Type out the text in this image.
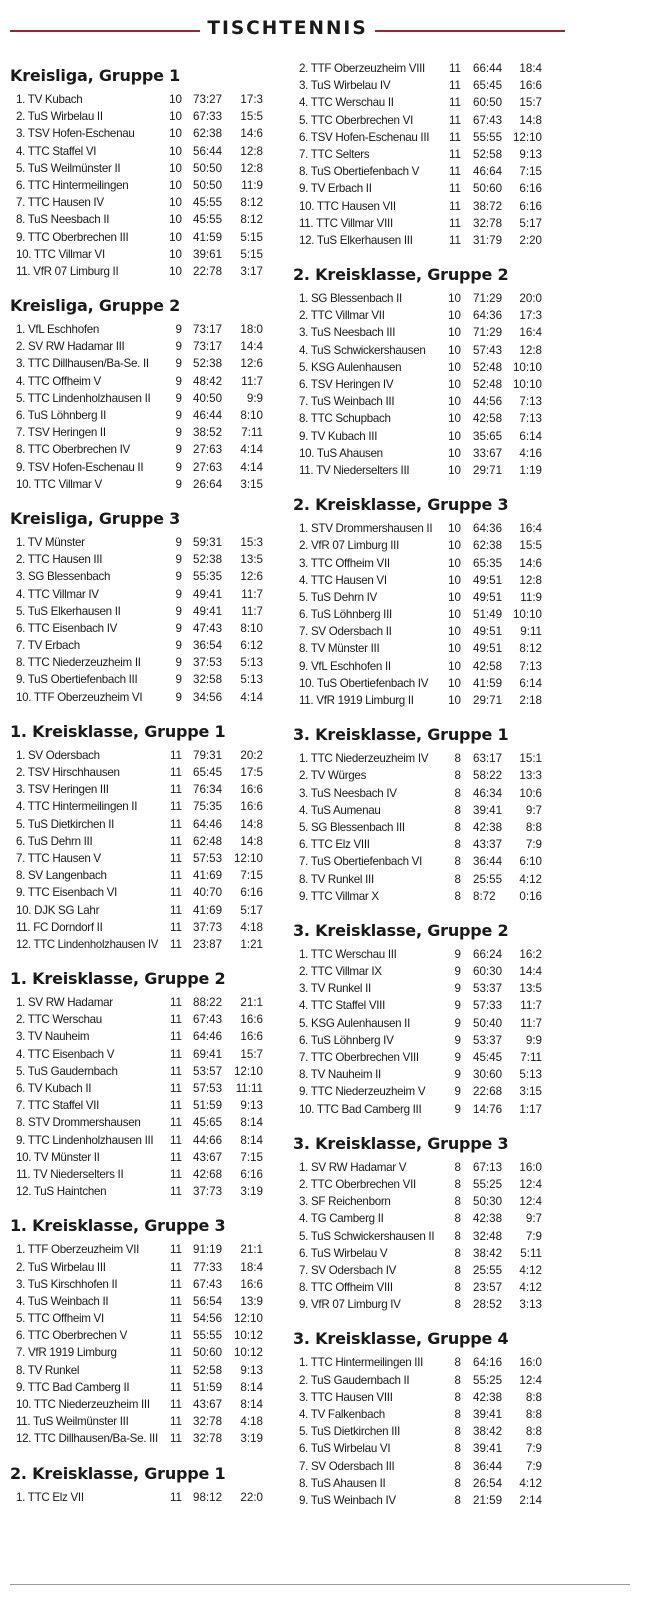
TISCHTENNIS
Kreisliga, Gruppe 1
1. TV Kubach	10 73:27	17:3
2. TuS Wirbelau II	10 67:33	15:5
3. TSV Hofen-Eschenau	10 62:38	14:6
4. TTC Staffel VI	10 56:44	12:8
5. TuS Weilmünster II	10 50:50	12:8
6. TTC Hintermeilingen	10 50:50	11:9
7. TTC Hausen IV	10 45:55	8:12
8. TuS Neesbach II	10 45:55	8:12
9. TTC Oberbrechen III	10 41:59	5:15
10. TTC Villmar VI	10 39:61	5:15
11. VfR 07 Limburg II	10 22:78	3:17
Kreisliga, Gruppe 2
1. VfL Eschhofen	9 73:17	18:0
2. SV RW Hadamar III	9 73:17	14:4
3. TTC Dillhausen/Ba-Se. II	9 52:38	12:6
4. TTC Offheim V	9 48:42	11:7
5. TTC Lindenholzhausen II	9 40:50	9:9
6. TuS Löhnberg II	9 46:44	8:10
7. TSV Heringen II	9 38:52	7:11
8. TTC Oberbrechen IV	9 27:63	4:14
9. TSV Hofen-Eschenau II	9 27:63	4:14
10. TTC Villmar V	9 26:64	3:15
Kreisliga, Gruppe 3
1. TV Münster	9 59:31	15:3
2. TTC Hausen III	9 52:38	13:5
3. SG Blessenbach	9 55:35	12:6
4. TTC Villmar IV	9 49:41	11:7
5. TuS Elkerhausen II	9 49:41	11:7
6. TTC Eisenbach IV	9 47:43	8:10
7. TV Erbach	9 36:54	6:12
8. TTC Niederzeuzheim II	9 37:53	5:13
9. TuS Obertiefenbach III	9 32:58	5:13
10. TTF Oberzeuzheim VI	9 34:56	4:14
1. Kreisklasse, Gruppe 1
1. SV Odersbach	11 79:31	20:2
2. TSV Hirschhausen	11 65:45	17:5
3. TSV Heringen III	11 76:34	16:6
4. TTC Hintermeilingen II	11 75:35	16:6
5. TuS Dietkirchen II	11 64:46	14:8
6. TuS Dehrn III	11 62:48	14:8
7. TTC Hausen V	11 57:53	12:10
8. SV Langenbach	11 41:69	7:15
9. TTC Eisenbach VI	11 40:70	6:16
10. DJK SG Lahr	11 41:69	5:17
11. FC Dorndorf II	11 37:73	4:18
12. TTC Lindenholzhausen IV	11 23:87	1:21
1. Kreisklasse, Gruppe 2
1. SV RW Hadamar	11 88:22	21:1
2. TTC Werschau	11 67:43	16:6
3. TV Nauheim	11 64:46	16:6
4. TTC Eisenbach V	11 69:41	15:7
5. TuS Gaudernbach	11 53:57	12:10
6. TV Kubach II	11 57:53	11:11
7. TTC Staffel VII	11 51:59	9:13
8. STV Drommershausen	11 45:65	8:14
9. TTC Lindenholzhausen III	11 44:66	8:14
10. TV Münster II	11 43:67	7:15
11. TV Niederselters II	11 42:68	6:16
12. TuS Haintchen	11 37:73	3:19
1. Kreisklasse, Gruppe 3
1. TTF Oberzeuzheim VII	11 91:19	21:1
2. TuS Wirbelau III	11 77:33	18:4
3. TuS Kirschhofen II	11 67:43	16:6
4. TuS Weinbach II	11 56:54	13:9
5. TTC Offheim VI	11 54:56	12:10
6. TTC Oberbrechen V	11 55:55	10:12
7. VfR 1919 Limburg	11 50:60	10:12
8. TV Runkel	11 52:58	9:13
9. TTC Bad Camberg II	11 51:59	8:14
10. TTC Niederzeuzheim III	11 43:67	8:14
11. TuS Weilmünster III	11 32:78	4:18
12. TTC Dillhausen/Ba-Se. III	11 32:78	3:19
2. Kreisklasse, Gruppe 1
1. TTC Elz VII	11 98:12	22:0
2. TTF Oberzeuzheim VIII	11 66:44	18:4
3. TuS Wirbelau IV	11 65:45	16:6
4. TTC Werschau II	11 60:50	15:7
5. TTC Oberbrechen VI	11 67:43	14:8
6. TSV Hofen-Eschenau III	11 55:55 12:10
7. TTC Selters	11 52:58	9:13
8. TuS Obertiefenbach V	11 46:64	7:15
9. TV Erbach II	11 50:60	6:16
10. TTC Hausen VII	11 38:72	6:16
11. TTC Villmar VIII	11 32:78	5:17
12. TuS Elkerhausen III	11 31:79	2:20
2. Kreisklasse, Gruppe 2
1. SG Blessenbach II	10 71:29	20:0
2. TTC Villmar VII	10 64:36	17:3
3. TuS Neesbach III	10 71:29	16:4
4. TuS Schwickershausen	10 57:43	12:8
5. KSG Aulenhausen	10 52:48 10:10
6. TSV Heringen IV	10 52:48 10:10
7. TuS Weinbach III	10 44:56	7:13
8. TTC Schupbach	10 42:58	7:13
9. TV Kubach III	10 35:65	6:14
10. TuS Ahausen	10 33:67	4:16
11. TV Niederselters III	10 29:71	1:19
2. Kreisklasse, Gruppe 3
1. STV Drommershausen II	10 64:36	16:4
2. VfR 07 Limburg III	10 62:38	15:5
3. TTC Offheim VII	10 65:35	14:6
4. TTC Hausen VI	10 49:51	12:8
5. TuS Dehrn IV	10 49:51	11:9
6. TuS Löhnberg III	10 51:49 10:10
7. SV Odersbach II	10 49:51	9:11
8. TV Münster III	10 49:51	8:12
9. VfL Eschhofen II	10 42:58	7:13
10. TuS Obertiefenbach IV	10 41:59	6:14
11. VfR 1919 Limburg II	10 29:71	2:18
3. Kreisklasse, Gruppe 1
1. TTC Niederzeuzheim IV	8 63:17	15:1
2. TV Würges	8 58:22	13:3
3. TuS Neesbach IV	8 46:34	10:6
4. TuS Aumenau	8 39:41	9:7
5. SG Blessenbach III	8 42:38	8:8
6. TTC Elz VIII	8 43:37	7:9
7. TuS Obertiefenbach VI	8 36:44	6:10
8. TV Runkel III	8 25:55	4:12
9. TTC Villmar X	8 8:72	0:16
3. Kreisklasse, Gruppe 2
1. TTC Werschau III	9 66:24	16:2
2. TTC Villmar IX	9 60:30	14:4
3. TV Runkel II	9 53:37	13:5
4. TTC Staffel VIII	9 57:33	11:7
5. KSG Aulenhausen II	9 50:40	11:7
6. TuS Löhnberg IV	9 53:37	9:9
7. TTC Oberbrechen VIII	9 45:45	7:11
8. TV Nauheim II	9 30:60	5:13
9. TTC Niederzeuzheim V	9 22:68	3:15
10. TTC Bad Camberg III	9 14:76	1:17
3. Kreisklasse, Gruppe 3
1. SV RW Hadamar V	8 67:13	16:0
2. TTC Oberbrechen VII	8 55:25	12:4
3. SF Reichenborn	8 50:30	12:4
4. TG Camberg II	8 42:38	9:7
5. TuS Schwickershausen II	8 32:48	7:9
6. TuS Wirbelau V	8 38:42	5:11
7. SV Odersbach IV	8 25:55	4:12
8. TTC Offheim VIII	8 23:57	4:12
9. VfR 07 Limburg IV	8 28:52	3:13
3. Kreisklasse, Gruppe 4
1. TTC Hintermeilingen III	8 64:16	16:0
2. TuS Gaudernbach II	8 55:25	12:4
3. TTC Hausen VIII	8 42:38	8:8
4. TV Falkenbach	8 39:41	8:8
5. TuS Dietkirchen III	8 38:42	8:8
6. TuS Wirbelau VI	8 39:41	7:9
7. SV Odersbach III	8 36:44	7:9
8. TuS Ahausen II	8 26:54	4:12
9. TuS Weinbach IV	8 21:59	2:14
